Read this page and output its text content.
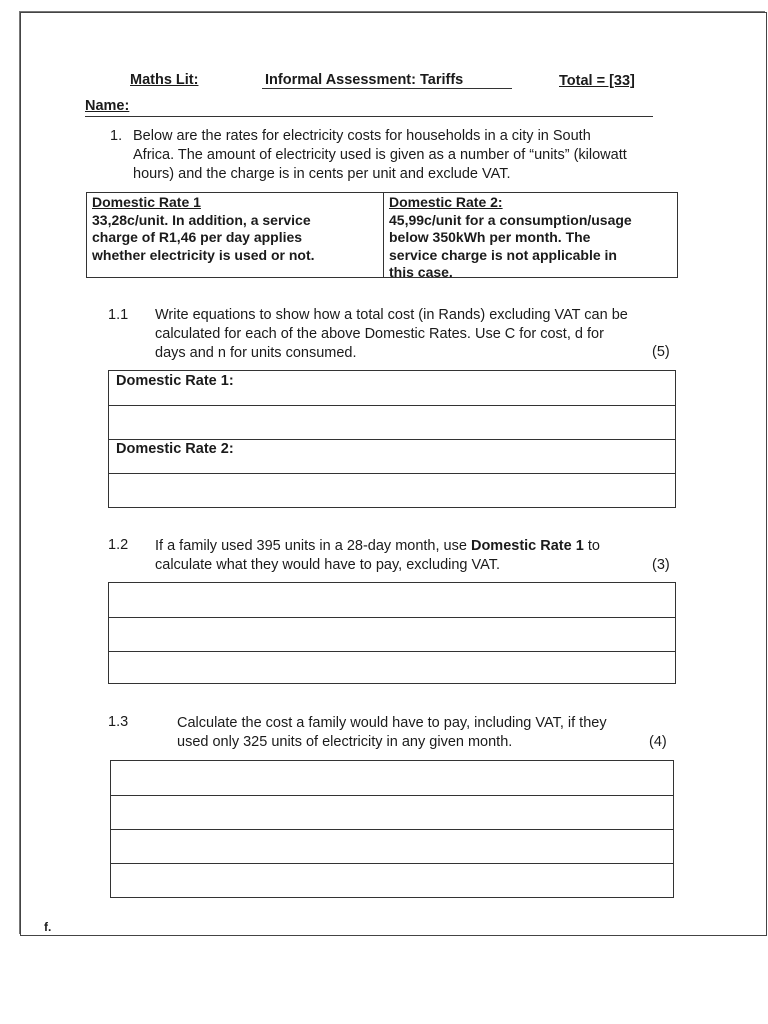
Maths Lit:	Informal Assessment: Tariffs	Total = [33]
Name:
1. Below are the rates for electricity costs for households in a city in South
Africa. The amount of electricity used is given as a number of “units” (kilowatt
hours) and the charge is in cents per unit and exclude VAT.
Domestic Rate 1
33,28c/unit. In addition, a service
charge of R1,46 per day applies
whether electricity is used or not.
Domestic Rate 2:
45,99c/unit for a consumption/usage
below 350kWh per month. The
service charge is not applicable in
this case.
1.1 Write equations to show how a total cost (in Rands) excluding VAT can be
calculated for each of the above Domestic Rates. Use C for cost, d for
days and n for units consumed.	(5)
Domestic Rate 1:
Domestic Rate 2:
1.2 If a family used 395 units in a 28-day month, use Domestic Rate 1 to
calculate what they would have to pay, excluding VAT.	(3)
1.3	Calculate the cost a family would have to pay, including VAT, if they
used only 325 units of electricity in any given month.	(4)
f.
